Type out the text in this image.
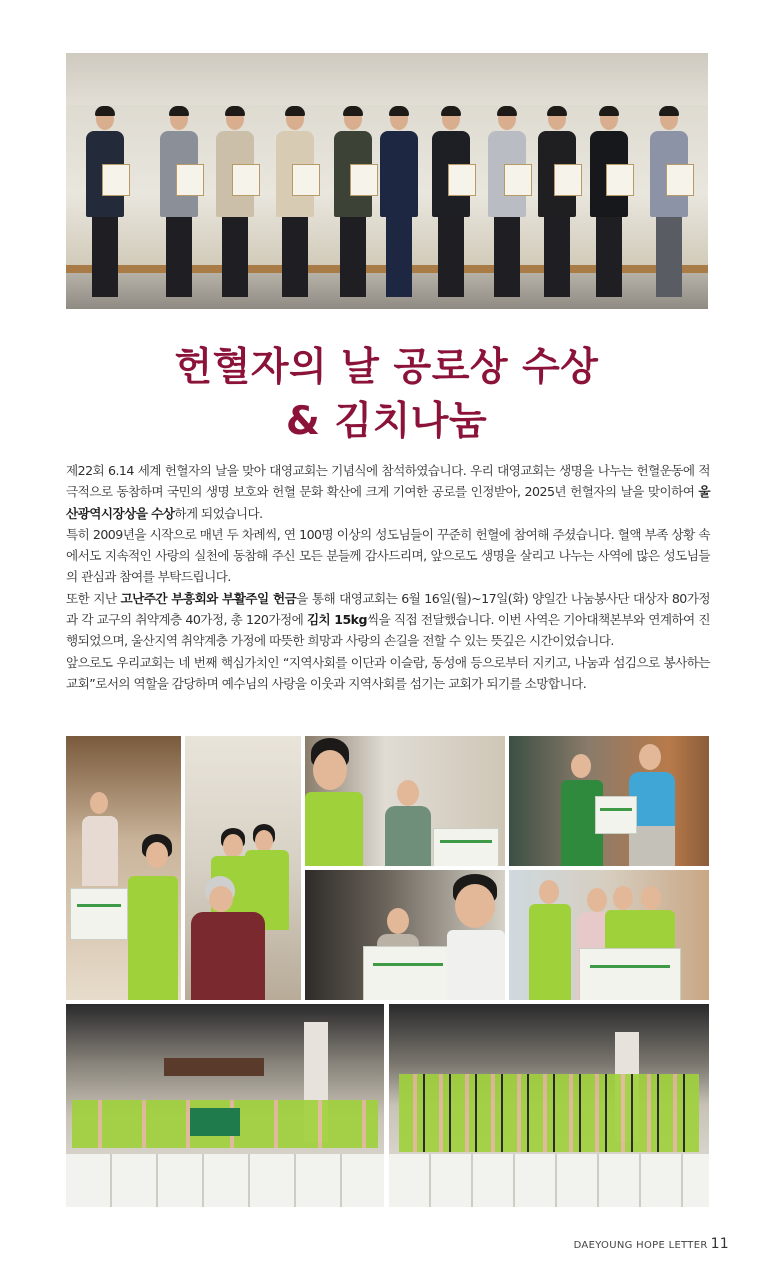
헌혈자의 날 공로상 수상
& 김치나눔

제22회 6.14 세계 헌혈자의 날을 맞아 대영교회는 기념식에 참석하였습니다. 우리 대영교회는 생명을 나누는 헌혈운동에 적극적으로 동참하며 국민의 생명 보호와 헌혈 문화 확산에 크게 기여한 공로를 인정받아, 2025년 헌혈자의 날을 맞이하여 울산광역시장상을 수상하게 되었습니다.

특히 2009년을 시작으로 매년 두 차례씩, 연 100명 이상의 성도님들이 꾸준히 헌혈에 참여해 주셨습니다. 혈액 부족 상황 속에서도 지속적인 사랑의 실천에 동참해 주신 모든 분들께 감사드리며, 앞으로도 생명을 살리고 나누는 사역에 많은 성도님들의 관심과 참여를 부탁드립니다.

또한 지난 고난주간 부흥회와 부활주일 헌금을 통해 대영교회는 6월 16일(월)~17일(화) 양일간 나눔봉사단 대상자 80가정과 각 교구의 취약계층 40가정, 총 120가정에 김치 15kg씩을 직접 전달했습니다. 이번 사역은 기아대책본부와 연계하여 진행되었으며, 울산지역 취약계층 가정에 따뜻한 희망과 사랑의 손길을 전할 수 있는 뜻깊은 시간이었습니다.

앞으로도 우리교회는 네 번째 핵심가치인 “지역사회를 이단과 이슬람, 동성애 등으로부터 지키고, 나눔과 섬김으로 봉사하는 교회”로서의 역할을 감당하며 예수님의 사랑을 이웃과 지역사회를 섬기는 교회가 되기를 소망합니다.

DAEYOUNG HOPE LETTER 11
